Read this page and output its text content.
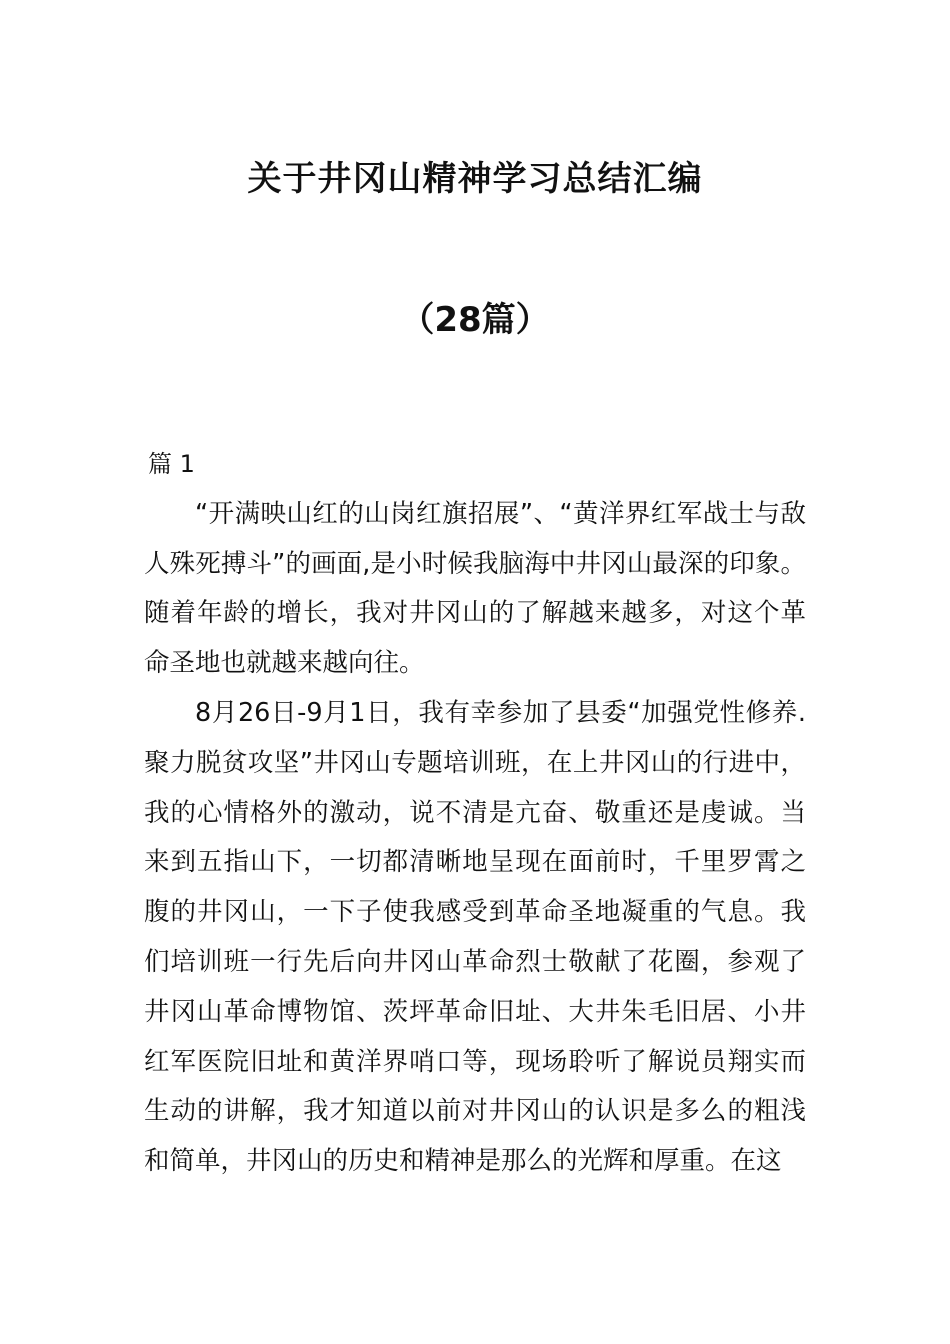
关于井冈山精神学习总结汇编
（28篇）

篇 1

“开满映山红的山岗红旗招展”、“黄洋界红军战士与敌人殊死搏斗”的画面,是小时候我脑海中井冈山最深的印象。随着年龄的增长，我对井冈山的了解越来越多，对这个革命圣地也就越来越向往。

8月26日-9月1日，我有幸参加了县委“加强党性修养.聚力脱贫攻坚”井冈山专题培训班，在上井冈山的行进中，我的心情格外的激动，说不清是亢奋、敬重还是虔诚。当来到五指山下，一切都清晰地呈现在面前时，千里罗霄之腹的井冈山，一下子使我感受到革命圣地凝重的气息。我们培训班一行先后向井冈山革命烈士敬献了花圈，参观了井冈山革命博物馆、茨坪革命旧址、大井朱毛旧居、小井红军医院旧址和黄洋界哨口等，现场聆听了解说员翔实而生动的讲解，我才知道以前对井冈山的认识是多么的粗浅和简单，井冈山的历史和精神是那么的光辉和厚重。在这
